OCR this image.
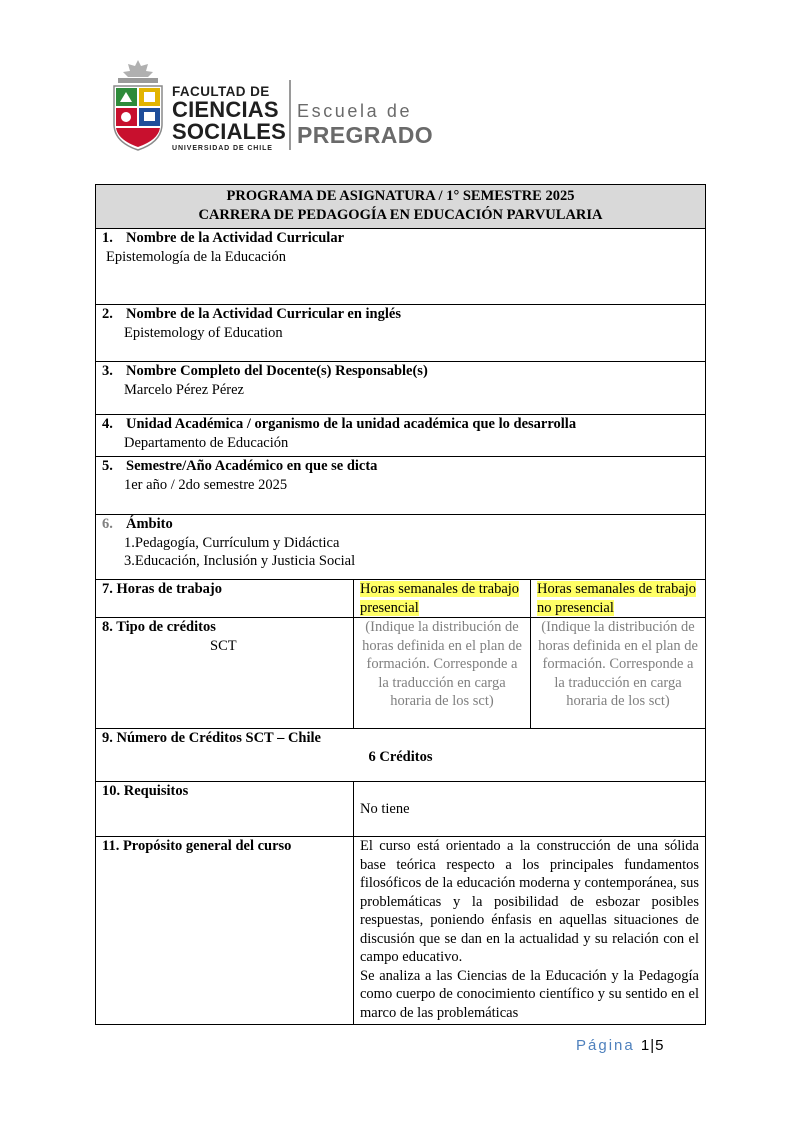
FACULTAD DE
CIENCIAS
SOCIALES
UNIVERSIDAD DE CHILE
Escuela de
PREGRADO
PROGRAMA DE ASIGNATURA / 1° SEMESTRE 2025
CARRERA DE PEDAGOGÍA EN EDUCACIÓN PARVULARIA		

1. Nombre de la Actividad Curricular
Epistemología de la Educación		

2. Nombre de la Actividad Curricular en inglés
Epistemology of Education		

3. Nombre Completo del Docente(s) Responsable(s)
Marcelo Pérez Pérez		

4. Unidad Académica / organismo de la unidad académica que lo desarrolla
Departamento de Educación		

5. Semestre/Año Académico en que se dicta
1er año / 2do semestre 2025		

6. Ámbito
1.Pedagogía, Currículum y Didáctica
3.Educación, Inclusión y Justicia Social		

7. Horas de trabajo	Horas semanales de trabajo presencial	Horas semanales de trabajo no presencial

8. Tipo de créditos
SCT	(Indique la distribución de horas definida en el plan de formación. Corresponde a la traducción en carga horaria de los sct)	(Indique la distribución de horas definida en el plan de formación. Corresponde a la traducción en carga horaria de los sct)

9. Número de Créditos SCT – Chile
6 Créditos		

10. Requisitos	No tiene	

11. Propósito general del curso	El curso está orientado a la construcción de una sólida base teórica respecto a los principales fundamentos filosóficos de la educación moderna y contemporánea, sus problemáticas y la posibilidad de esbozar posibles respuestas, poniendo énfasis en aquellas situaciones de discusión que se dan en la actualidad y su relación con el campo educativo.
Se analiza a las Ciencias de la Educación y la Pedagogía como cuerpo de conocimiento científico y su sentido en el marco de las problemáticas	
Página 1|5
